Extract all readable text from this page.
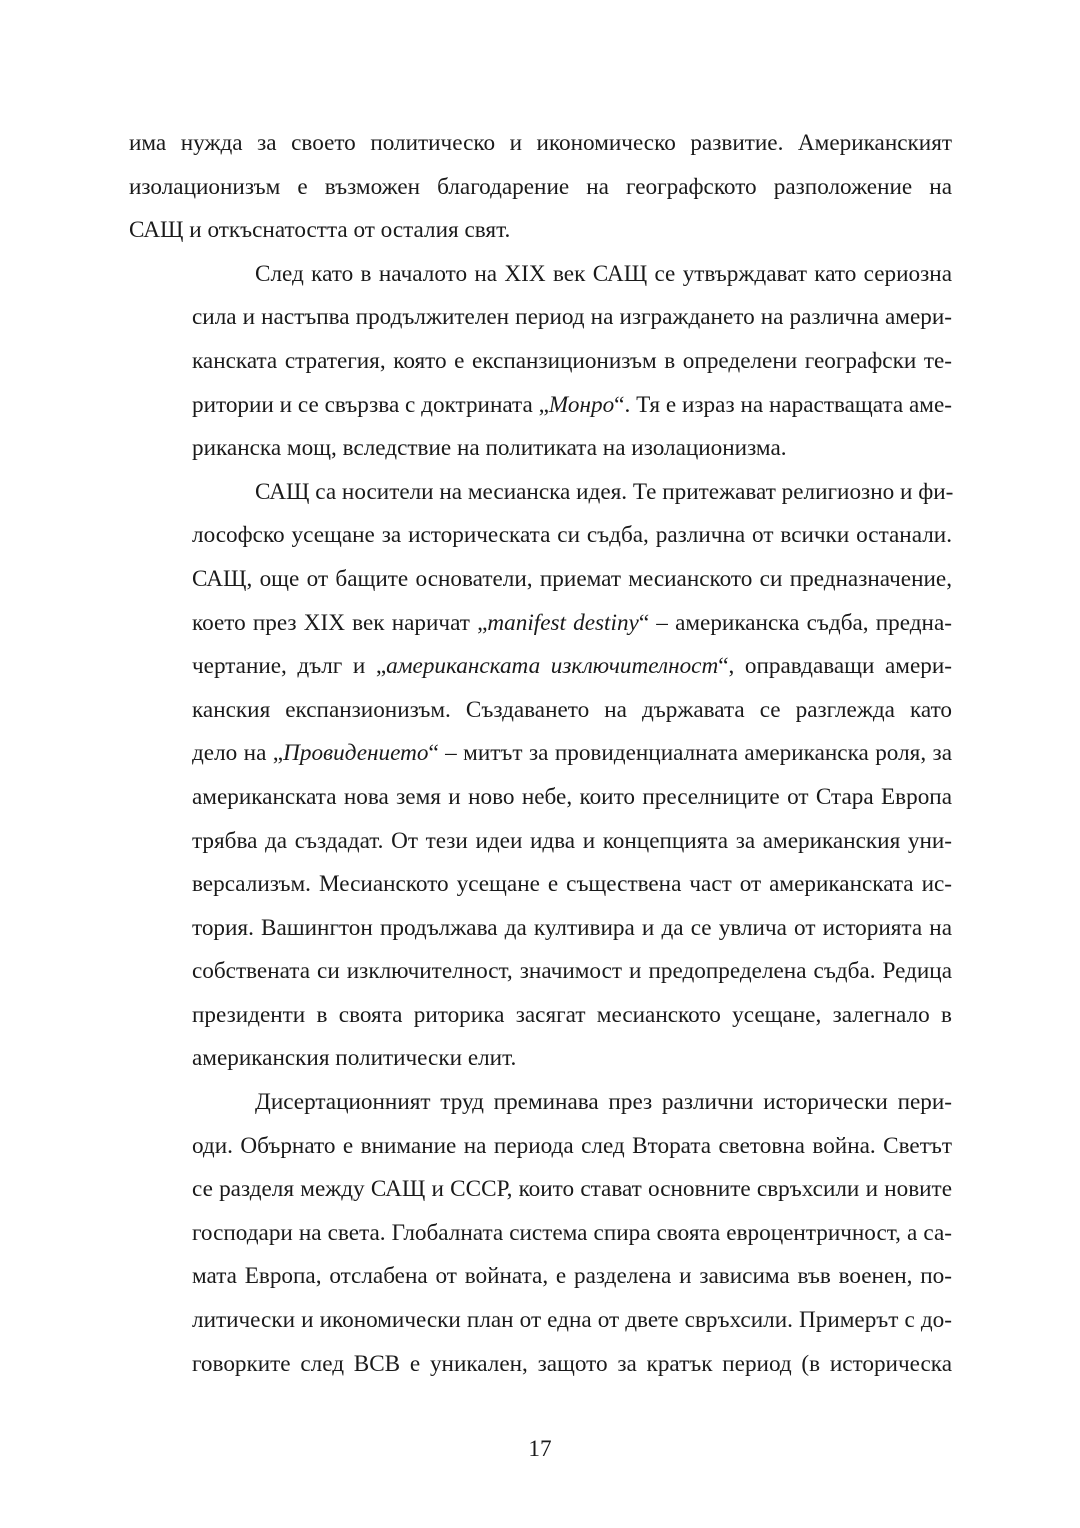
има нужда за своето политическо и икономическо развитие. Американският
изолационизъм е възможен благодарение на географското разположение на
САЩ и откъснатостта от осталия свят.
След като в началото на XIX век САЩ се утвърждават като сериозна
сила и настъпва продължителен период на изграждането на различна амери-
канската стратегия, която е експанзиционизъм в определени географски те-
ритории и се свързва с доктрината „Монро“. Тя е израз на нарастващата аме-
риканска мощ, вследствие на политиката на изолационизма.
САЩ са носители на месианска идея. Те притежават религиозно и фи-
лософско усещане за историческата си съдба, различна от всички останали.
САЩ, още от бащите основатели, приемат месианското си предназначение,
което през XIX век наричат „manifest destiny“ – американска съдба, предна-
чертание, дълг и „американската изключителност“, оправдаващи амери-
канския експанзионизъм. Създаването на държавата се разглежда като
дело на „Провидението“ – митът за провиденциалната американска роля, за
американската нова земя и ново небе, които преселниците от Стара Европа
трябва да създадат. От тези идеи идва и концепцията за американския уни-
версализъм. Месианското усещане е съществена част от американската ис-
тория. Вашингтон продължава да култивира и да се увлича от историята на
собствената си изключителност, значимост и предопределена съдба. Редица
президенти в своята риторика засягат месианското усещане, залегнало в
американския политически елит.
Дисертационният труд преминава през различни исторически пери-
оди. Обърнато е внимание на периода след Втората световна война. Светът
се разделя между САЩ и СССР, които стават основните свръхсили и новите
господари на света. Глобалната система спира своята евроцентричност, а са-
мата Европа, отслабена от войната, е разделена и зависима във военен, по-
литически и икономически план от една от двете свръхсили. Примерът с до-
говорките след ВСВ е уникален, защото за кратък период (в историческа
17
